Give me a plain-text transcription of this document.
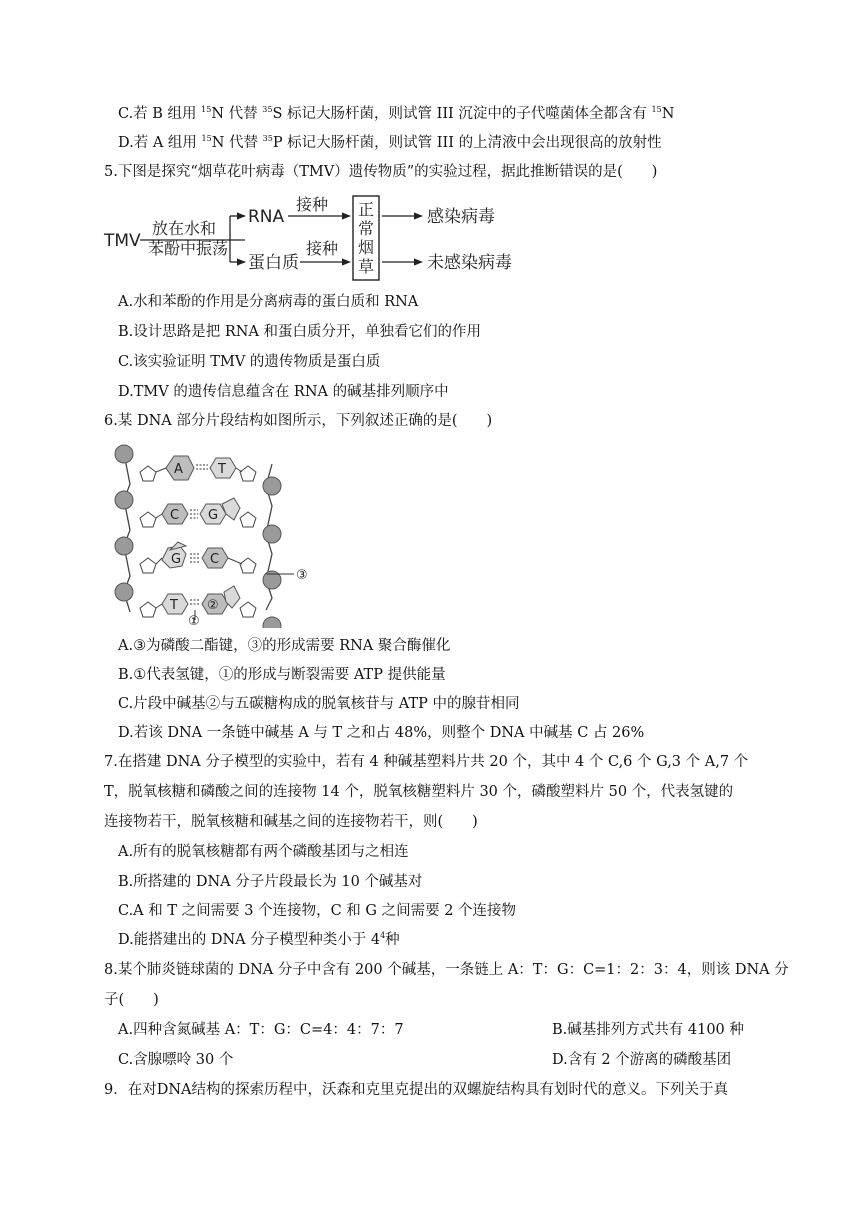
C.若 B 组用 $^{15}$N 代替 $^{35}$S 标记大肠杆菌，则试管 III 沉淀中的子代噬菌体全都含有 $^{15}$N
D.若 A 组用 $^{15}$N 代替 $^{35}$P 标记大肠杆菌，则试管 III 的上清液中会出现很高的放射性
5.下图是探究“烟草花叶病毒（TMV）遗传物质”的实验过程，据此推断错误的是(　　)
TMV
放在水和
苯酚中振荡
RNA
蛋白质
接种
接种
正
常
烟
草
感染病毒
未感染病毒
A.水和苯酚的作用是分离病毒的蛋白质和 RNA
B.设计思路是把 RNA 和蛋白质分开，单独看它们的作用
C.该实验证明 TMV 的遗传物质是蛋白质
D.TMV 的遗传信息蕴含在 RNA 的碱基排列顺序中
6.某 DNA 部分片段结构如图所示，下列叙述正确的是(　　)
A	T
C G
G C
T ②
①
③
A.③为磷酸二酯键，③的形成需要 RNA 聚合酶催化
B.①代表氢键，①的形成与断裂需要 ATP 提供能量
C.片段中碱基②与五碳糖构成的脱氧核苷与 ATP 中的腺苷相同
D.若该 DNA 一条链中碱基 A 与 T 之和占 48%，则整个 DNA 中碱基 C 占 26%
7.在搭建 DNA 分子模型的实验中，若有 4 种碱基塑料片共 20 个，其中 4 个 C,6 个 G,3 个 A,7 个
T，脱氧核糖和磷酸之间的连接物 14 个，脱氧核糖塑料片 30 个，磷酸塑料片 50 个，代表氢键的
连接物若干，脱氧核糖和碱基之间的连接物若干，则(　　)
A.所有的脱氧核糖都有两个磷酸基团与之相连
B.所搭建的 DNA 分子片段最长为 10 个碱基对
C.A 和 T 之间需要 3 个连接物，C 和 G 之间需要 2 个连接物
D.能搭建出的 DNA 分子模型种类小于 $4^4$种
8.某个肺炎链球菌的 DNA 分子中含有 200 个碱基，一条链上 A：T：G：C=1：2：3：4，则该 DNA 分
子(　　)
A.四种含氮碱基 A：T：G：C=4：4：7：7	B.碱基排列方式共有 4100 种
C.含腺嘌呤 30 个	D.含有 2 个游离的磷酸基团
9．在对DNA结构的探索历程中，沃森和克里克提出的双螺旋结构具有划时代的意义。下列关于真
